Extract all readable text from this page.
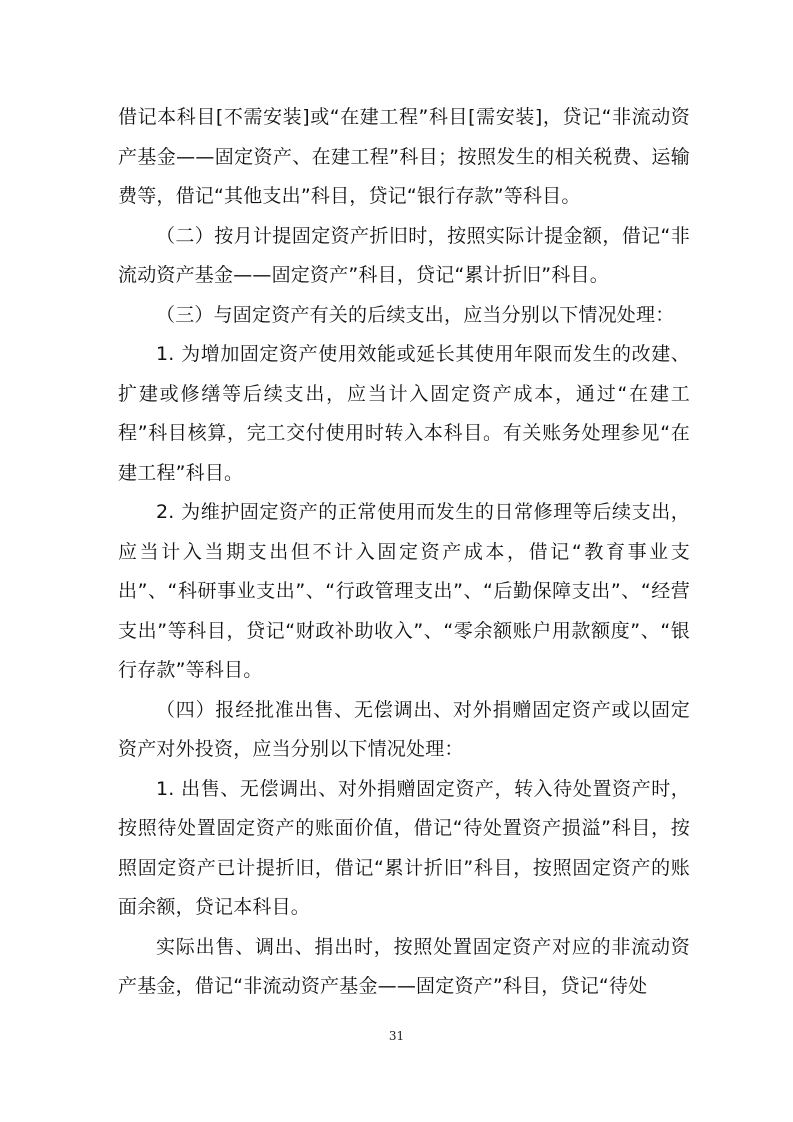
借记本科目[不需安装]或“在建工程”科目[需安装]，贷记“非流动资产基金——固定资产、在建工程”科目；按照发生的相关税费、运输费等，借记“其他支出”科目，贷记“银行存款”等科目。

（二）按月计提固定资产折旧时，按照实际计提金额，借记“非流动资产基金——固定资产”科目，贷记“累计折旧”科目。

（三）与固定资产有关的后续支出，应当分别以下情况处理：

1. 为增加固定资产使用效能或延长其使用年限而发生的改建、扩建或修缮等后续支出，应当计入固定资产成本，通过“在建工程”科目核算，完工交付使用时转入本科目。有关账务处理参见“在建工程”科目。

2. 为维护固定资产的正常使用而发生的日常修理等后续支出，应当计入当期支出但不计入固定资产成本，借记“教育事业支出”、“科研事业支出”、“行政管理支出”、“后勤保障支出”、“经营支出”等科目，贷记“财政补助收入”、“零余额账户用款额度”、“银行存款”等科目。

（四）报经批准出售、无偿调出、对外捐赠固定资产或以固定资产对外投资，应当分别以下情况处理：

1. 出售、无偿调出、对外捐赠固定资产，转入待处置资产时，按照待处置固定资产的账面价值，借记“待处置资产损溢”科目，按照固定资产已计提折旧，借记“累计折旧”科目，按照固定资产的账面余额，贷记本科目。

实际出售、调出、捐出时，按照处置固定资产对应的非流动资产基金，借记“非流动资产基金——固定资产”科目，贷记“待处

31
